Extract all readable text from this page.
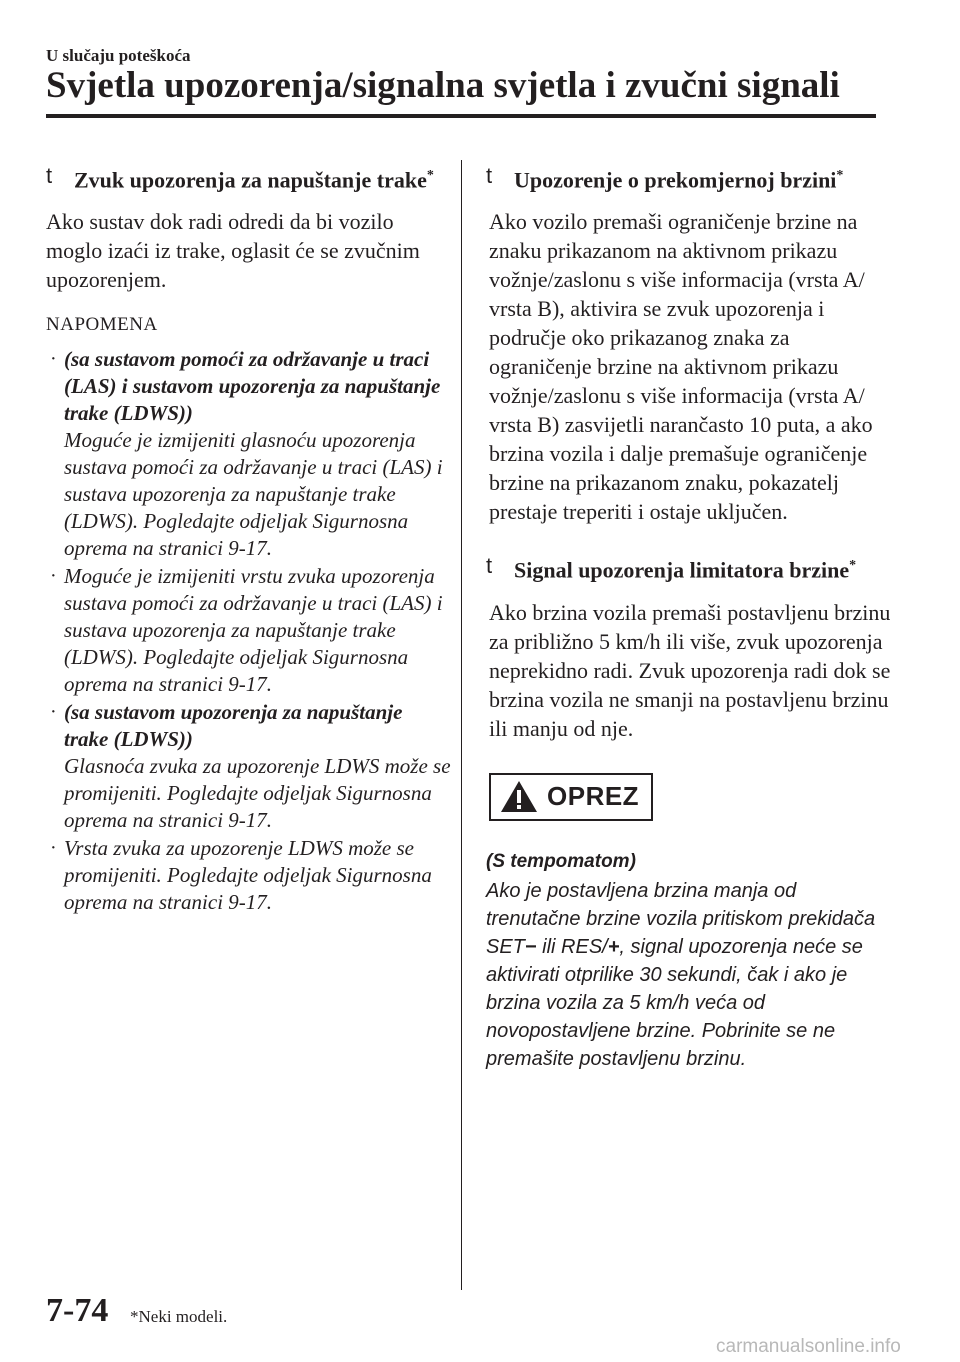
U slučaju poteškoća
Svjetla upozorenja/signalna svjetla i zvučni signali
t Zvuk upozorenja za napuštanje trake*

Ako sustav dok radi odredi da bi vozilo moglo izaći iz trake, oglasit će se zvučnim upozorenjem.

NAPOMENA
· (sa sustavom pomoći za održavanje u traci (LAS) i sustavom upozorenja za napuštanje trake (LDWS))
Moguće je izmijeniti glasnoću upozorenja sustava pomoći za održavanje u traci (LAS) i sustava upozorenja za napuštanje trake (LDWS). Pogledajte odjeljak Sigurnosna oprema na stranici 9-17.
· Moguće je izmijeniti vrstu zvuka upozorenja sustava pomoći za održavanje u traci (LAS) i sustava upozorenja za napuštanje trake (LDWS). Pogledajte odjeljak Sigurnosna oprema na stranici 9-17.
· (sa sustavom upozorenja za napuštanje trake (LDWS))
Glasnoća zvuka za upozorenje LDWS može se promijeniti. Pogledajte odjeljak Sigurnosna oprema na stranici 9-17.
· Vrsta zvuka za upozorenje LDWS može se promijeniti. Pogledajte odjeljak Sigurnosna oprema na stranici 9-17.
t Upozorenje o prekomjernoj brzini*

Ako vozilo premaši ograničenje brzine na znaku prikazanom na aktivnom prikazu vožnje/zaslonu s više informacija (vrsta A/ vrsta B), aktivira se zvuk upozorenja i područje oko prikazanog znaka za ograničenje brzine na aktivnom prikazu vožnje/zaslonu s više informacija (vrsta A/ vrsta B) zasvijetli narančasto 10 puta, a ako brzina vozila i dalje premašuje ograničenje brzine na prikazanom znaku, pokazatelj prestaje treperiti i ostaje uključen.

t Signal upozorenja limitatora brzine*

Ako brzina vozila premaši postavljenu brzinu za približno 5 km/h ili više, zvuk upozorenja neprekidno radi. Zvuk upozorenja radi dok se brzina vozila ne smanji na postavljenu brzinu ili manju od nje.

OPREZ
(S tempomatom)

Ako je postavljena brzina manja od trenutačne brzine vozila pritiskom prekidača SET− ili RES/+, signal upozorenja neće se aktivirati otprilike 30 sekundi, čak i ako je brzina vozila za 5 km/h veća od novopostavljene brzine. Pobrinite se ne premašite postavljenu brzinu.

7-74 *Neki modeli.
carmanualsonline.info
